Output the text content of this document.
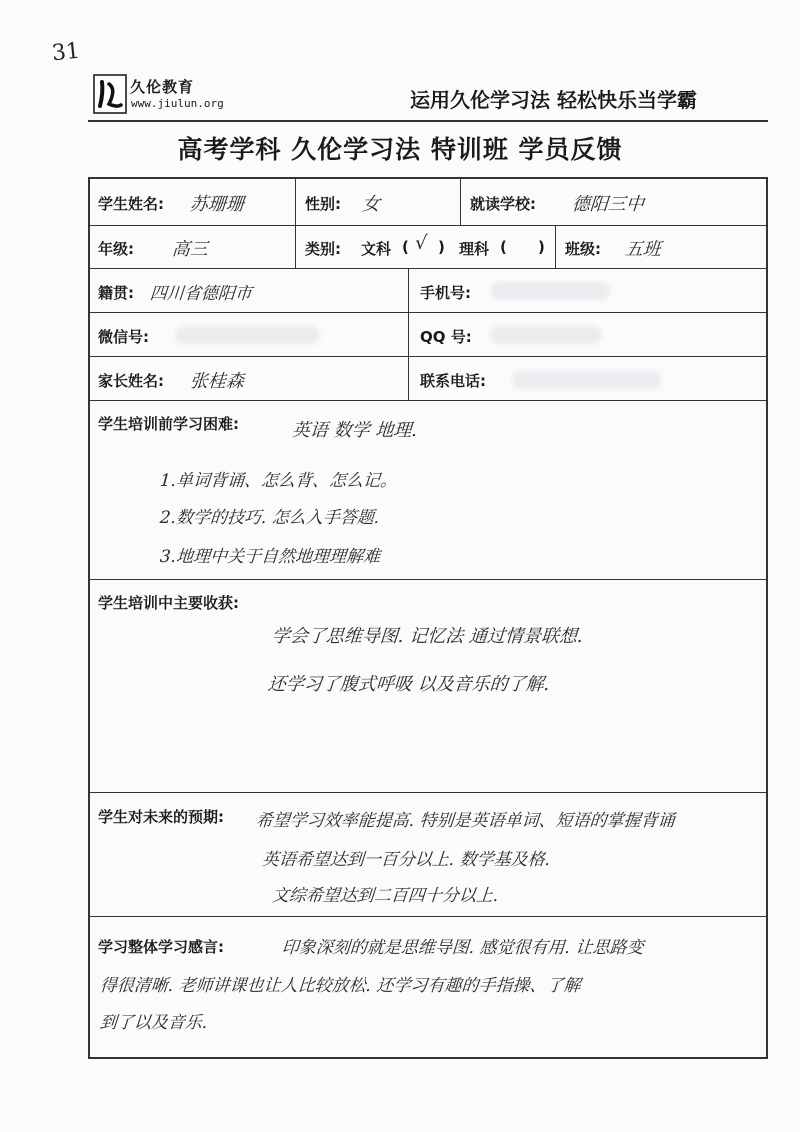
31
久伦教育
www.jiulun.org	运用久伦学习法 轻松快乐当学霸
高考学科 久伦学习法 特训班 学员反馈
学生姓名: 苏珊珊	性别: 女	就读学校: 德阳三中
年级: 高三	类别: 文科 ( √ ) 理科 ( ) 班级: 五班
籍贯: 四川省德阳市	手机号:
微信号:	QQ 号:
家长姓名: 张桂森	联系电话:
学生培训前学习困难:	英语 数学 地理.
1.单词背诵、怎么背、怎么记。
2.数学的技巧. 怎么入手答题.
3.地理中关于自然地理理解难
学生培训中主要收获:
学会了思维导图. 记忆法 通过情景联想.
还学习了腹式呼吸 以及音乐的了解.
学生对未来的预期: 希望学习效率能提高. 特别是英语单词、短语的掌握背诵
英语希望达到一百分以上. 数学基及格.
文综希望达到二百四十分以上.
学习整体学习感言:	印象深刻的就是思维导图. 感觉很有用. 让思路变
得很清晰. 老师讲课也让人比较放松. 还学习有趣的手指操、了解
到了以及音乐.
